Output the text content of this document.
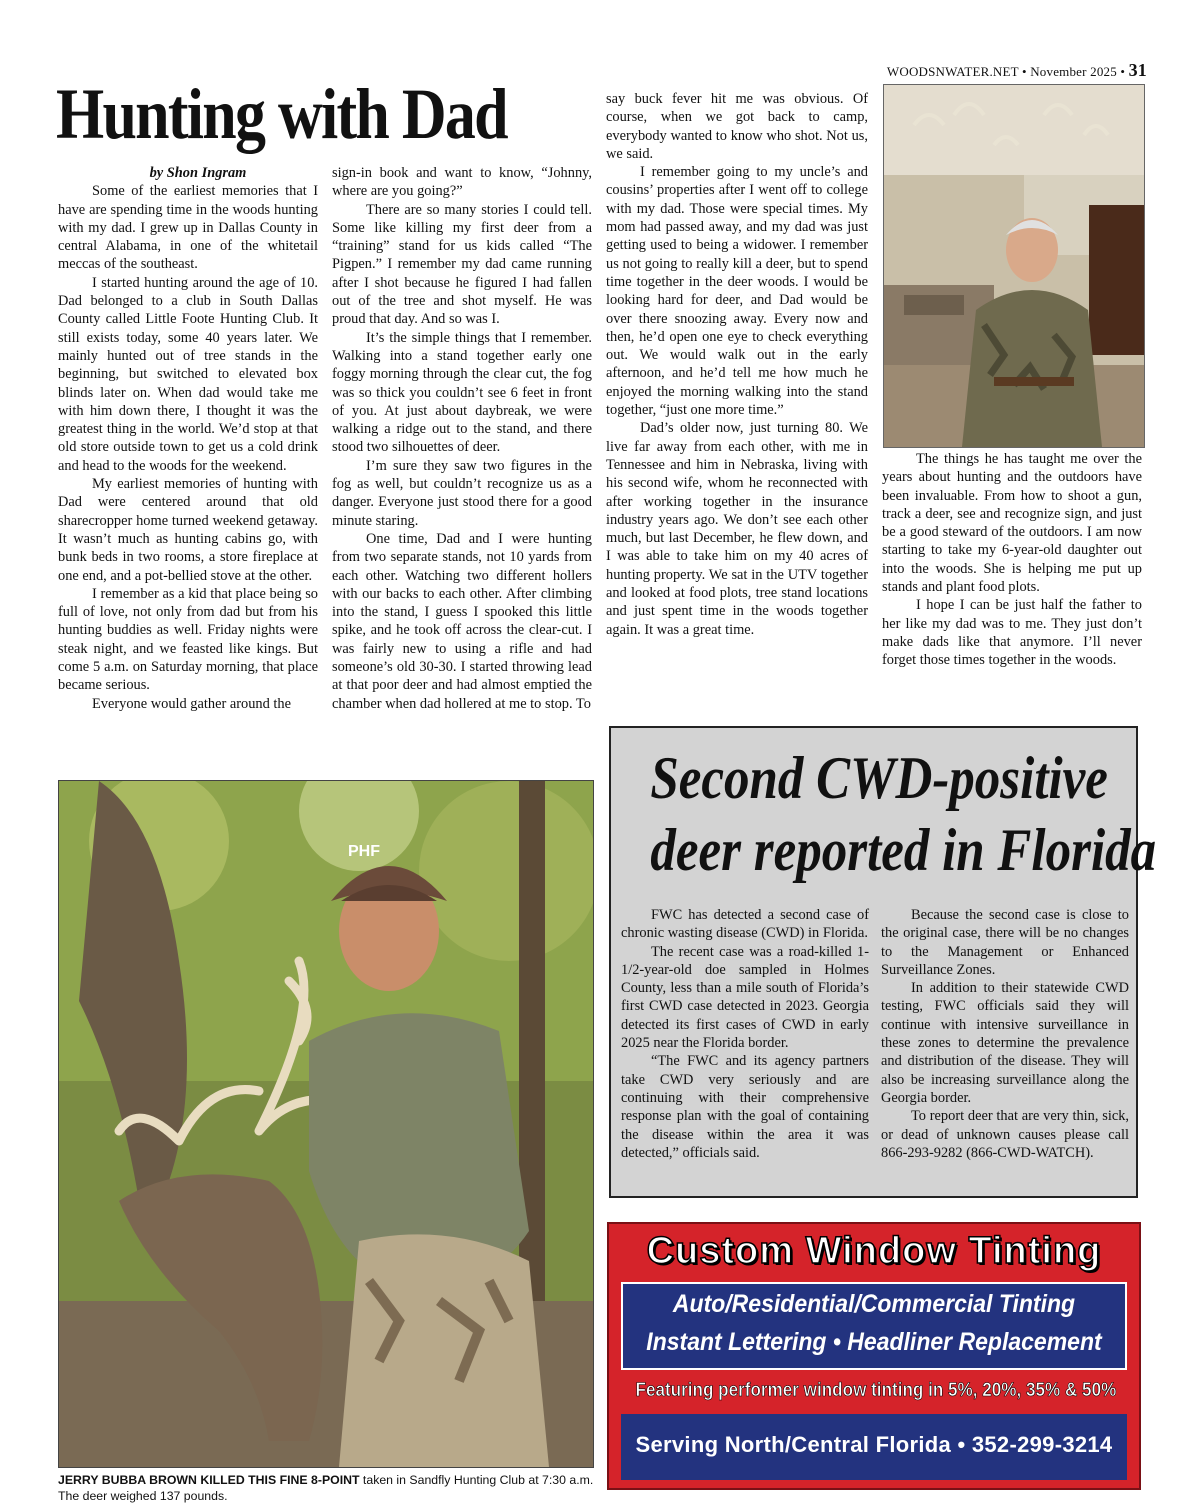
WOODSNWATER.NET • November 2025 • 31
Hunting with Dad
by Shon Ingram

Some of the earliest memories that I have are spending time in the woods hunting with my dad. I grew up in Dallas County in central Alabama, in one of the whitetail meccas of the southeast.

I started hunting around the age of 10. Dad belonged to a club in South Dallas County called Little Foote Hunting Club. It still exists today, some 40 years later. We mainly hunted out of tree stands in the beginning, but switched to elevated box blinds later on. When dad would take me with him down there, I thought it was the greatest thing in the world. We’d stop at that old store outside town to get us a cold drink and head to the woods for the weekend.

My earliest memories of hunting with Dad were centered around that old sharecropper home turned weekend getaway. It wasn’t much as hunting cabins go, with bunk beds in two rooms, a store fireplace at one end, and a pot-bellied stove at the other.

I remember as a kid that place being so full of love, not only from dad but from his hunting buddies as well. Friday nights were steak night, and we feasted like kings. But come 5 a.m. on Saturday morning, that place became serious.

Everyone would gather around the

sign-in book and want to know, “Johnny, where are you going?”

There are so many stories I could tell. Some like killing my first deer from a “training” stand for us kids called “The Pigpen.” I remember my dad came running after I shot because he figured I had fallen out of the tree and shot myself. He was proud that day. And so was I.

It’s the simple things that I remember. Walking into a stand together early one foggy morning through the clear cut, the fog was so thick you couldn’t see 6 feet in front of you. At just about daybreak, we were walking a ridge out to the stand, and there stood two silhouettes of deer.

I’m sure they saw two figures in the fog as well, but couldn’t recognize us as a danger. Everyone just stood there for a good minute staring.

One time, Dad and I were hunting from two separate stands, not 10 yards from each other. Watching two different hollers with our backs to each other. After climbing into the stand, I guess I spooked this little spike, and he took off across the clear-cut. I was fairly new to using a rifle and had someone’s old 30-30. I started throwing lead at that poor deer and had almost emptied the chamber when dad hollered at me to stop. To

say buck fever hit me was obvious. Of course, when we got back to camp, everybody wanted to know who shot. Not us, we said.

I remember going to my uncle’s and cousins’ properties after I went off to college with my dad. Those were special times. My mom had passed away, and my dad was just getting used to being a widower. I remember us not going to really kill a deer, but to spend time together in the deer woods. I would be looking hard for deer, and Dad would be over there snoozing away. Every now and then, he’d open one eye to check everything out. We would walk out in the early afternoon, and he’d tell me how much he enjoyed the morning walking into the stand together, “just one more time.”

Dad’s older now, just turning 80. We live far away from each other, with me in Tennessee and him in Nebraska, living with his second wife, whom he reconnected with after working together in the insurance industry years ago. We don’t see each other much, but last December, he flew down, and I was able to take him on my 40 acres of hunting property. We sat in the UTV together and looked at food plots, tree stand locations and just spent time in the woods together again. It was a great time.

The things he has taught me over the years about hunting and the outdoors have been invaluable. From how to shoot a gun, track a deer, see and recognize sign, and just be a good steward of the outdoors. I am now starting to take my 6-year-old daughter out into the woods. She is helping me put up stands and plant food plots.

I hope I can be just half the father to her like my dad was to me. They just don’t make dads like that anymore. I’ll never forget those times together in the woods.

PHF
JERRY BUBBA BROWN KILLED THIS FINE 8-POINT taken in Sandfly Hunting Club at 7:30 a.m. The deer weighed 137 pounds.
Second CWD-positive
deer reported in Florida

FWC has detected a second case of chronic wasting disease (CWD) in Florida.

The recent case was a road-killed 1-1/2-year-old doe sampled in Holmes County, less than a mile south of Florida’s first CWD case detected in 2023. Georgia detected its first cases of CWD in early 2025 near the Florida border.

“The FWC and its agency partners take CWD very seriously and are continuing with their comprehensive response plan with the goal of containing the disease within the area it was detected,” officials said.

Because the second case is close to the original case, there will be no changes to the Management or Enhanced Surveillance Zones.

In addition to their statewide CWD testing, FWC officials said they will continue with intensive surveillance in these zones to determine the prevalence and distribution of the disease. They will also be increasing surveillance along the Georgia border.

To report deer that are very thin, sick, or dead of unknown causes please call 866-293-9282 (866-CWD-WATCH).

Custom Window Tinting
Auto/Residential/Commercial Tinting
Instant Lettering • Headliner Replacement
Featuring performer window tinting in 5%, 20%, 35% & 50%
Serving North/Central Florida • 352-299-3214
